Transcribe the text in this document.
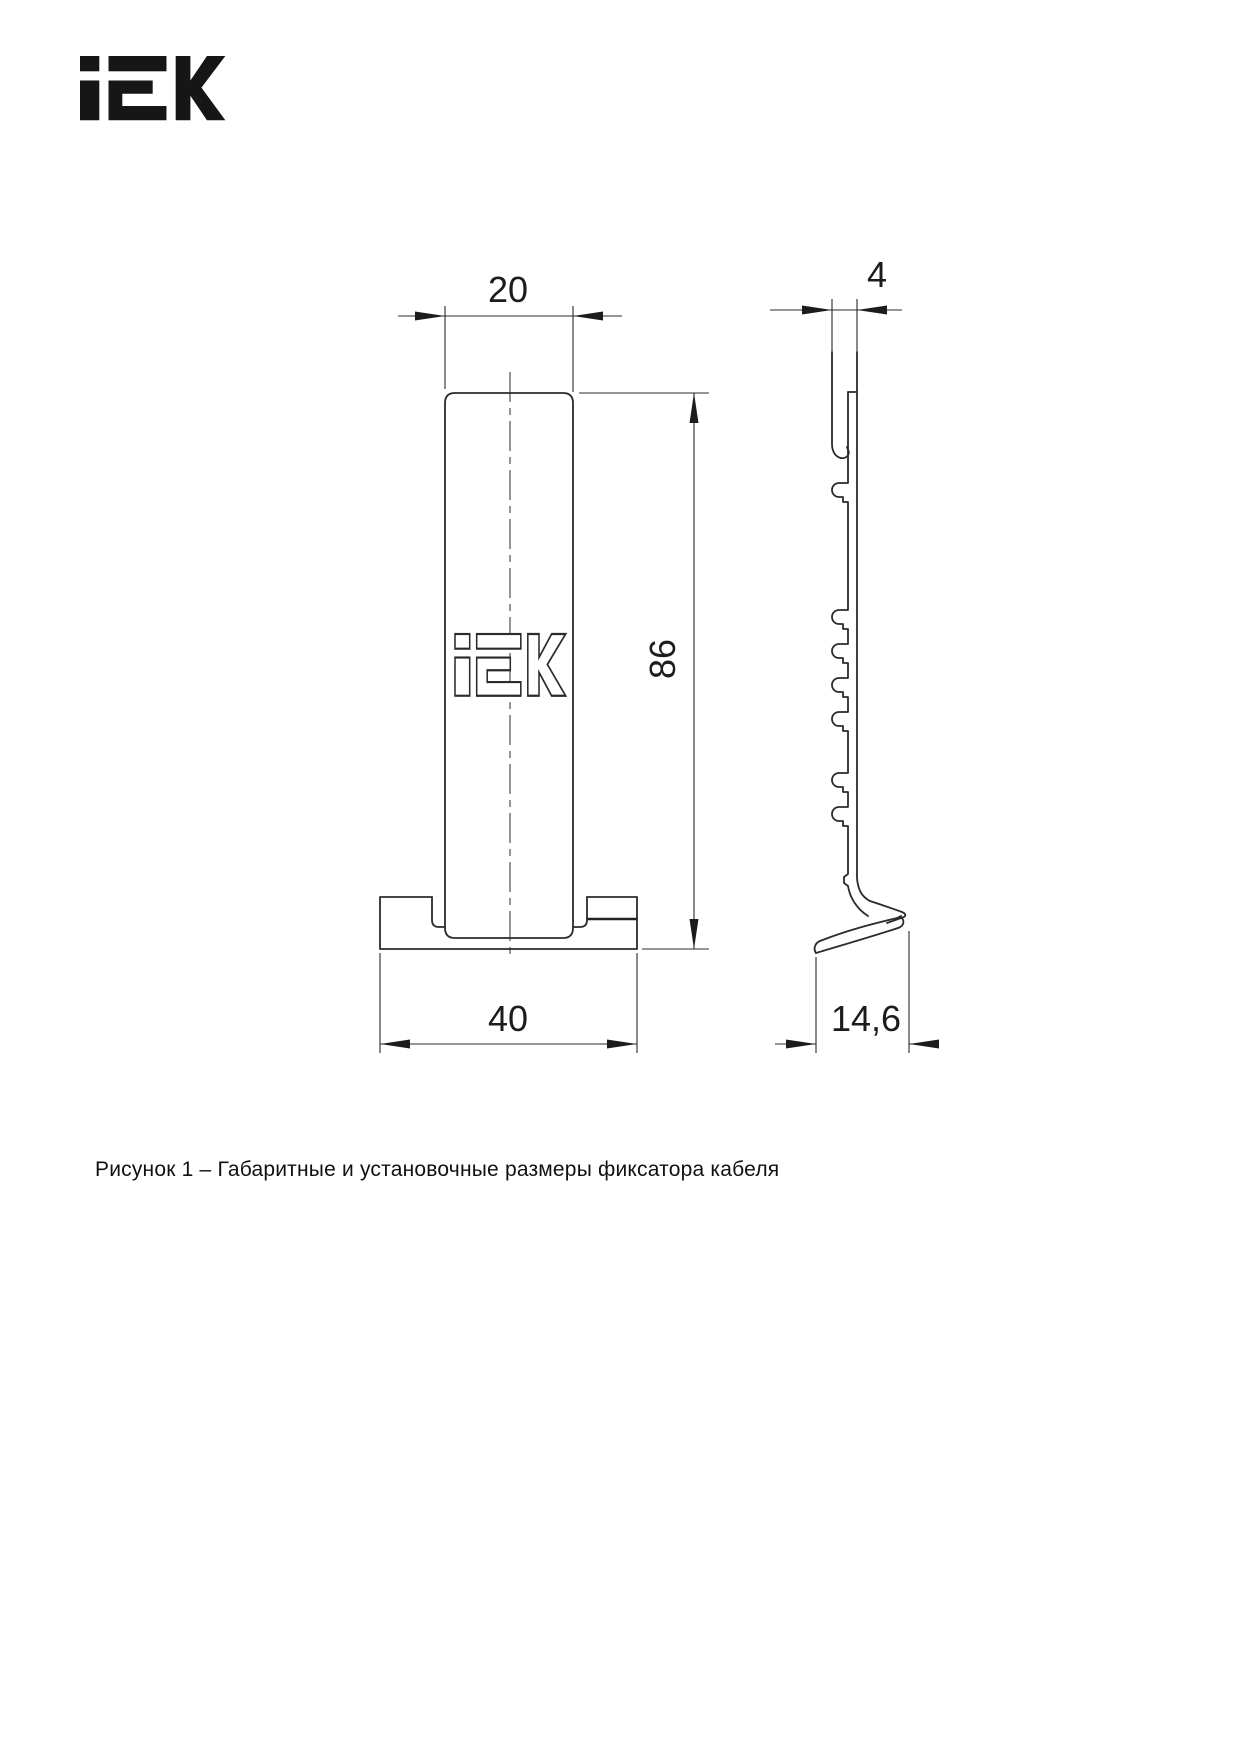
20
86
40
4
14,6
Рисунок 1 – Габаритные и установочные размеры фиксатора кабеля
